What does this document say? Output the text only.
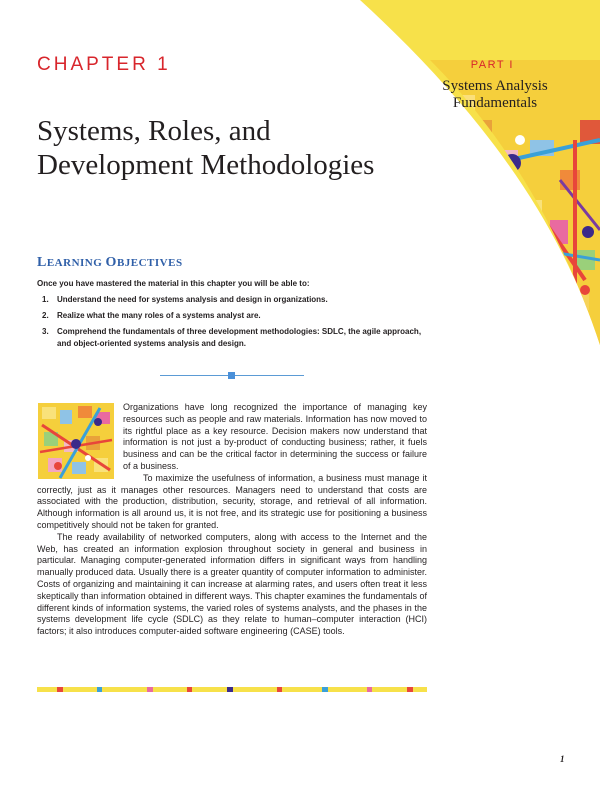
CHAPTER 1	PART I
Systems Analysis
Fundamentals
Systems, Roles, and
Development Methodologies
LEARNING OBJECTIVES
Once you have mastered the material in this chapter you will be able to:
1. Understand the need for systems analysis and design in organizations.
2. Realize what the many roles of a systems analyst are.
3. Comprehend the fundamentals of three development methodologies: SDLC, the agile approach, and object-oriented systems analysis and design.

Organizations have long recognized the importance of managing key resources such as people and raw materials. Information has now moved to its rightful place as a key resource. Decision makers now understand that information is not just a by-product of conducting business; rather, it fuels business and can be the critical factor in determining the success or failure of a business.

To maximize the usefulness of information, a business must manage it correctly, just as it manages other resources. Managers need to understand that costs are associated with the production, distribution, security, storage, and retrieval of all information. Although information is all around us, it is not free, and its strategic use for positioning a business competitively should not be taken for granted.

The ready availability of networked computers, along with access to the Internet and the Web, has created an information explosion throughout society in general and business in particular. Managing computer-generated information differs in significant ways from handling manually produced data. Usually there is a greater quantity of computer information to administer. Costs of organizing and maintaining it can increase at alarming rates, and users often treat it less skeptically than information obtained in different ways. This chapter examines the fundamentals of different kinds of information systems, the varied roles of systems analysts, and the phases in the systems development life cycle (SDLC) as they relate to human–computer interaction (HCI) factors; it also introduces computer-aided software engineering (CASE) tools.

1
